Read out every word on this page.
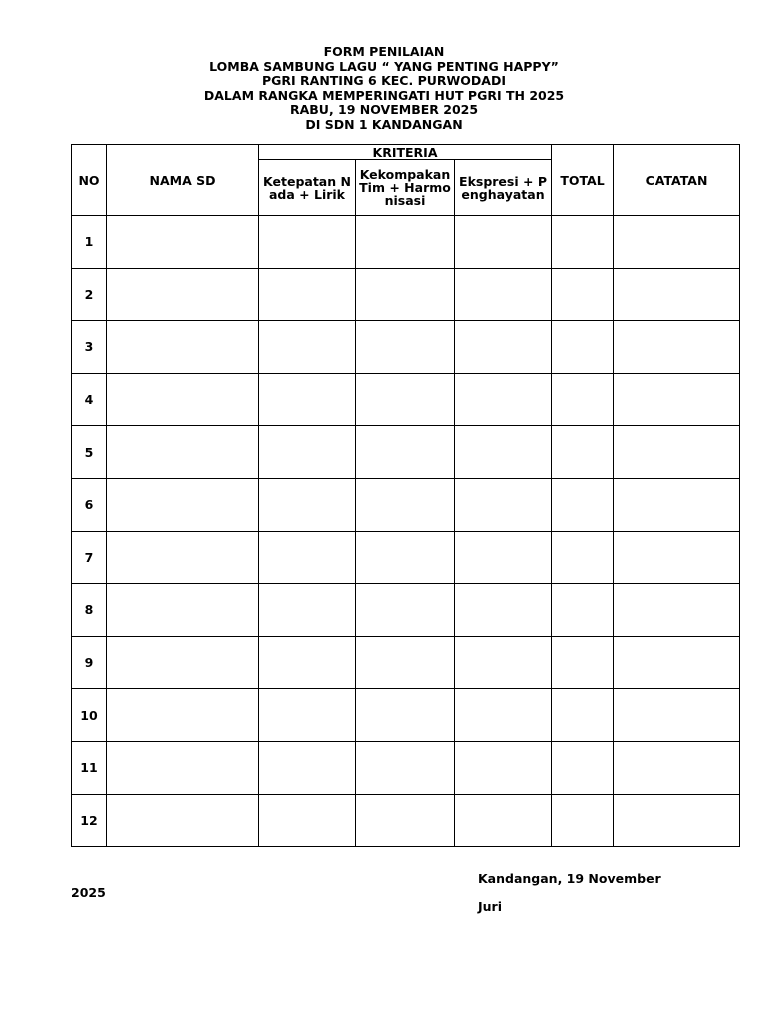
FORM PENILAIAN
LOMBA SAMBUNG LAGU “ YANG PENTING HAPPY”
PGRI RANTING 6 KEC. PURWODADI
DALAM RANGKA MEMPERINGATI HUT PGRI TH 2025
RABU, 19 NOVEMBER 2025
DI SDN 1 KANDANGAN
NO	NAMA SD	KRITERIA			TOTAL	CATATAN
		Ketepatan Nada + Lirik	Kekompakan Tim + Harmonisasi	Ekspresi + Penghayatan		
1						
2						
3						
4						
5						
6						
7						
8						
9						
10						
11						
12						
Kandangan, 19 November
2025
Juri
